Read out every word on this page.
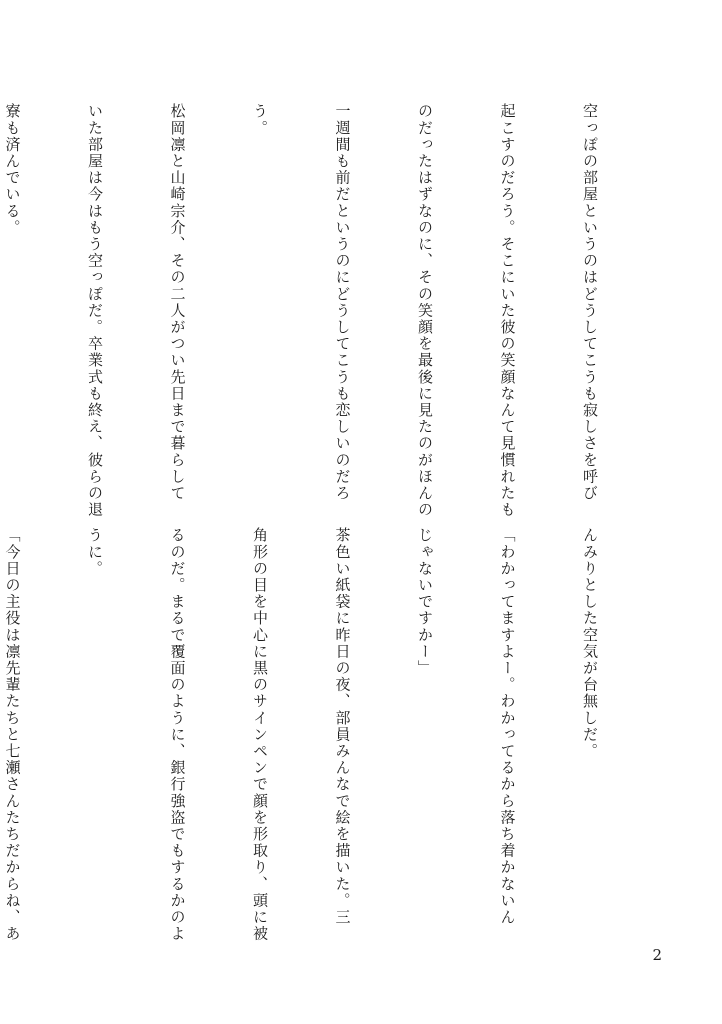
空っぽの部屋というのはどうしてこうも寂しさを呼び

起こすのだろう。そこにいた彼の笑顔なんて見慣れたも

のだったはずなのに、その笑顔を最後に見たのがほんの

一週間も前だというのにどうしてこうも恋しいのだろ

う。

松岡凛と山崎宗介、その二人がつい先日まで暮らして

いた部屋は今はもう空っぽだ。卒業式も終え、彼らの退

寮も済んでいる。

んみりとした空気が台無しだ。

「わかってますよー。わかってるから落ち着かないん

じゃないですかー」

茶色い紙袋に昨日の夜、部員みんなで絵を描いた。三

角形の目を中心に黒のサインペンで顔を形取り、頭に被

るのだ。まるで覆面のように、銀行強盗でもするかのよ

うに。

「今日の主役は凛先輩たちと七瀬さんたちだからね、あ

2
